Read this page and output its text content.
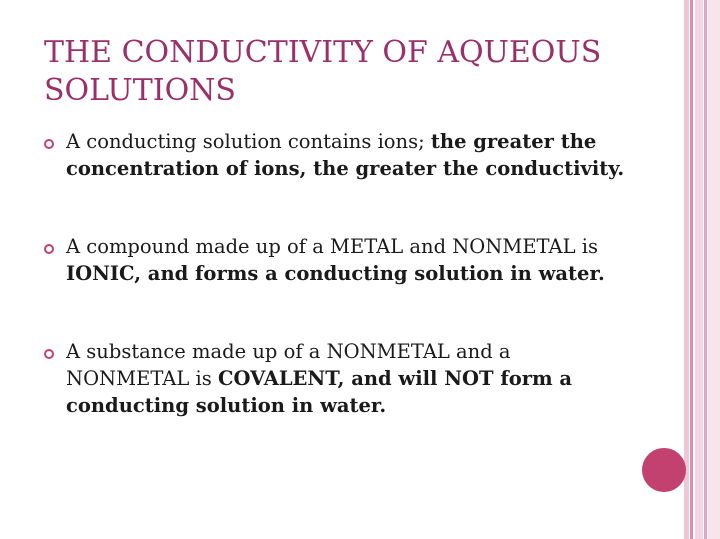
THE CONDUCTIVITY OF AQUEOUS SOLUTIONS
A conducting solution contains ions; the greater the concentration of ions, the greater the conductivity.
A compound made up of a METAL and NONMETAL is IONIC, and forms a conducting solution in water.
A substance made up of a NONMETAL and a NONMETAL is COVALENT, and will NOT form a conducting solution in water.
